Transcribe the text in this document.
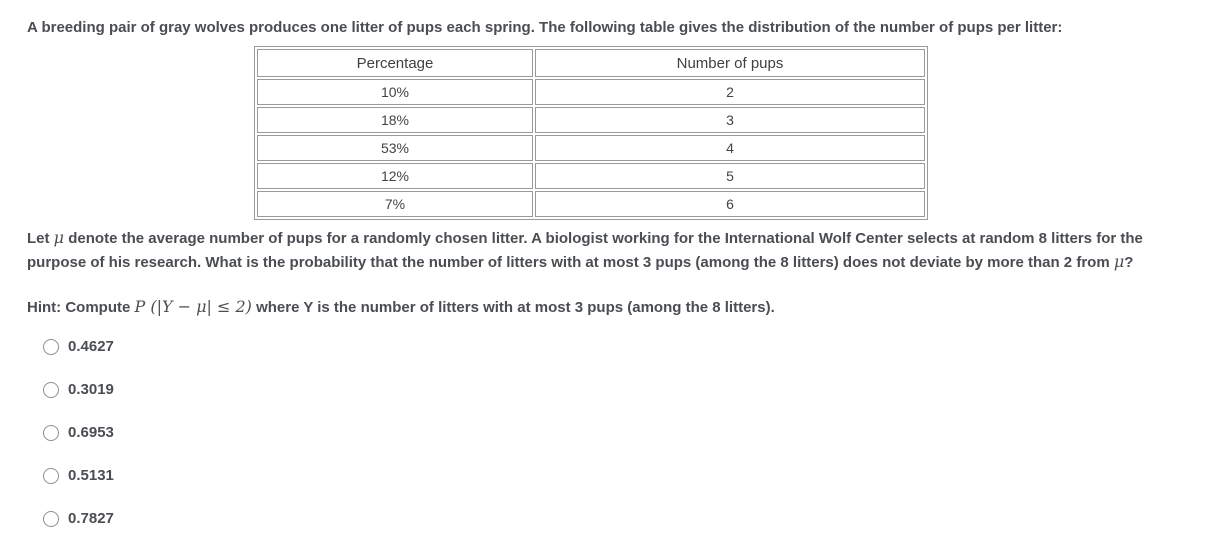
A breeding pair of gray wolves produces one litter of pups each spring. The following table gives the distribution of the number of pups per litter:

Percentage	Number of pups
10%	2
18%	3
53%	4
12%	5
7%	6

Let μ denote the average number of pups for a randomly chosen litter. A biologist working for the International Wolf Center selects at random 8 litters for the purpose of his research. What is the probability that the number of litters with at most 3 pups (among the 8 litters) does not deviate by more than 2 from μ?

Hint: Compute P (|Y − μ| ≤ 2) where Y is the number of litters with at most 3 pups (among the 8 litters).

0.4627
0.3019
0.6953
0.5131
0.7827
